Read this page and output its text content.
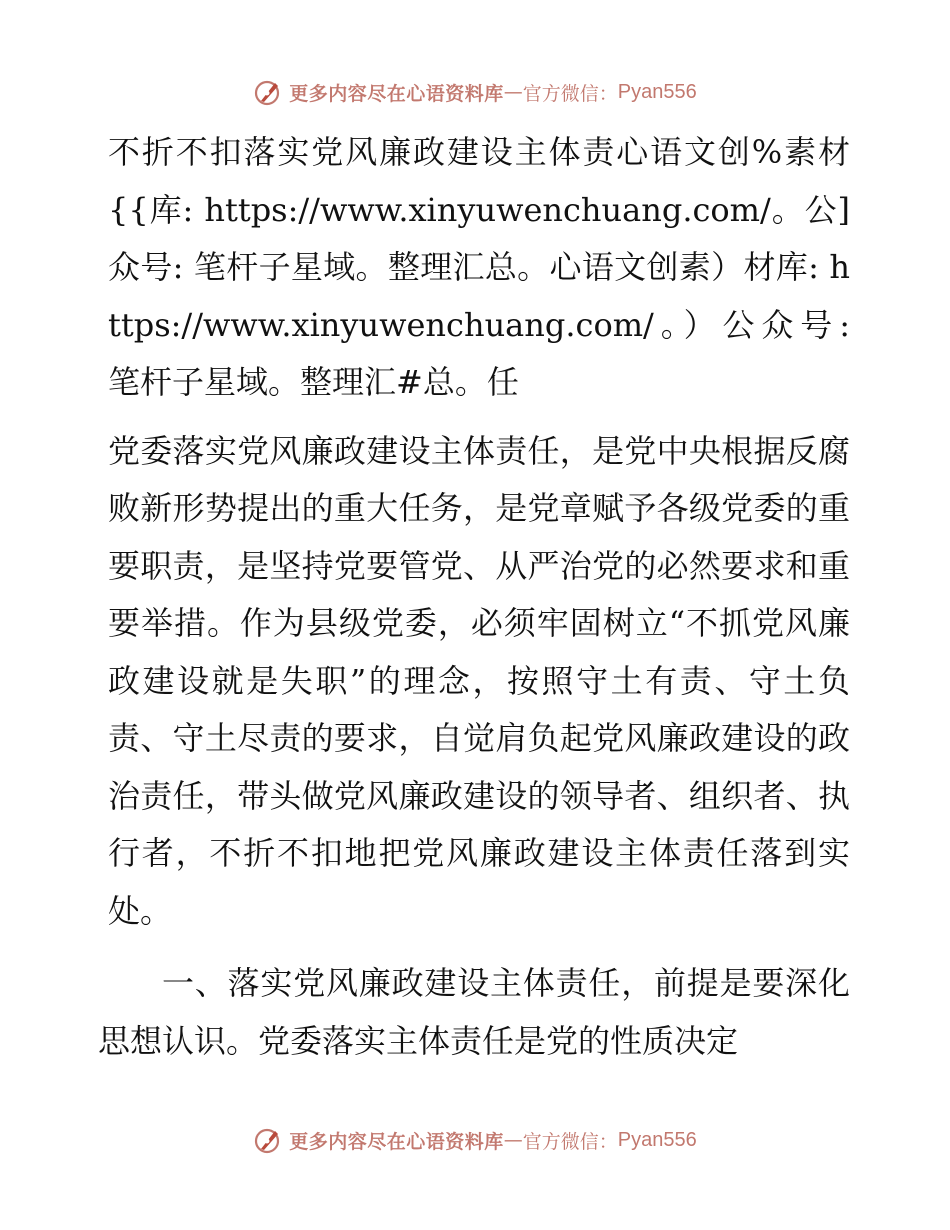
更多内容尽在心语资料库 — 官方微信： Pyan556

不折不扣落实党风廉政建设主体责心语文创%素材{{库: https://www.xinyuwenchuang.com/。公]众号: 笔杆子星域。整理汇总。心语文创素）材库: https://www.xinyuwenchuang.com/。）公众号: 笔杆子星域。整理汇#总。任

党委落实党风廉政建设主体责任，是党中央根据反腐败新形势提出的重大任务，是党章赋予各级党委的重要职责，是坚持党要管党、从严治党的必然要求和重要举措。作为县级党委，必须牢固树立“不抓党风廉政建设就是失职”的理念，按照守土有责、守土负责、守土尽责的要求，自觉肩负起党风廉政建设的政治责任，带头做党风廉政建设的领导者、组织者、执行者，不折不扣地把党风廉政建设主体责任落到实处。

一、落实党风廉政建设主体责任，前提是要深化思想认识。党委落实主体责任是党的性质决定

更多内容尽在心语资料库 — 官方微信： Pyan556
